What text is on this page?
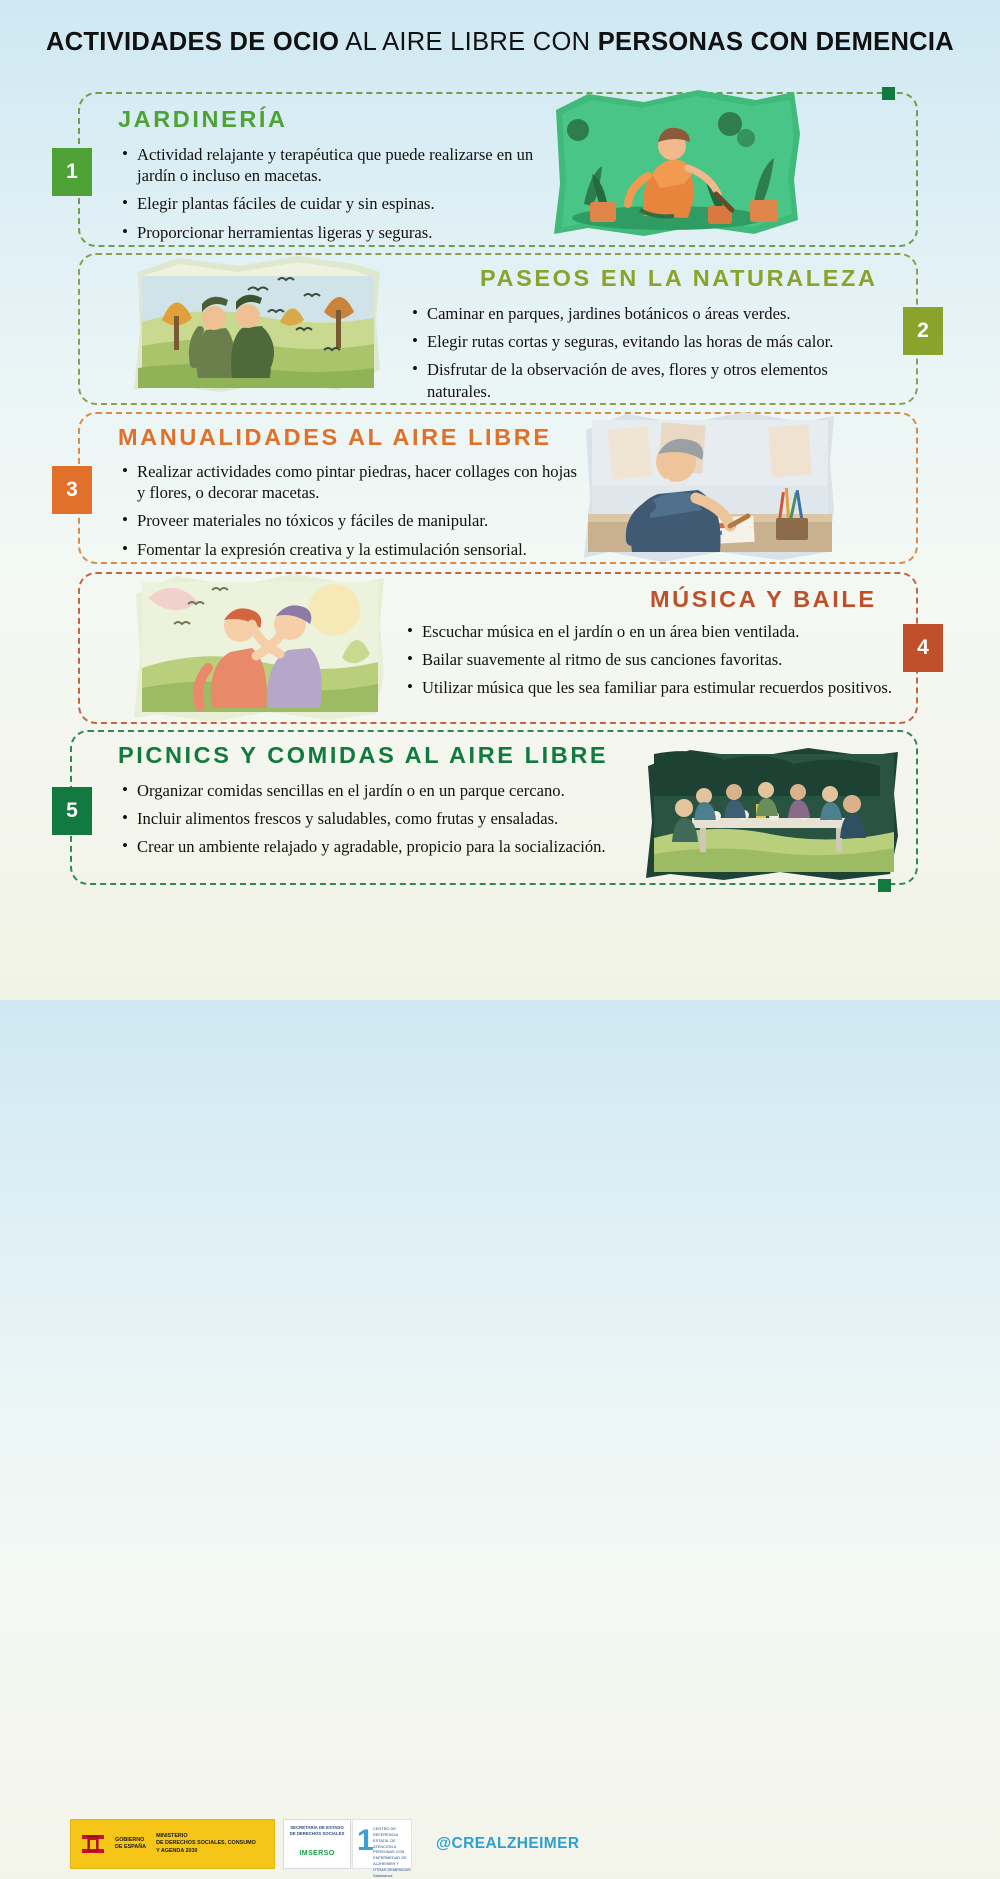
ACTIVIDADES DE OCIO AL AIRE LIBRE CON PERSONAS CON DEMENCIA
1
JARDINERÍA
• Actividad relajante y terapéutica que puede realizarse en un jardín o incluso en macetas.
• Elegir plantas fáciles de cuidar y sin espinas.
• Proporcionar herramientas ligeras y seguras.
2
PASEOS EN LA NATURALEZA
• Caminar en parques, jardines botánicos o áreas verdes.
• Elegir rutas cortas y seguras, evitando las horas de más calor.
• Disfrutar de la observación de aves, flores y otros elementos naturales.
3
MANUALIDADES AL AIRE LIBRE
• Realizar actividades como pintar piedras, hacer collages con hojas y flores, o decorar macetas.
• Proveer materiales no tóxicos y fáciles de manipular.
• Fomentar la expresión creativa y la estimulación sensorial.
4
MÚSICA Y BAILE
• Escuchar música en el jardín o en un área bien ventilada.
• Bailar suavemente al ritmo de sus canciones favoritas.
• Utilizar música que les sea familiar para estimular recuerdos positivos.
5
PICNICS Y COMIDAS AL AIRE LIBRE
• Organizar comidas sencillas en el jardín o en un parque cercano.
• Incluir alimentos frescos y saludables, como frutas y ensaladas.
• Crear un ambiente relajado y agradable, propicio para la socialización.
GOBIERNO
DE ESPAÑA
MINISTERIO
DE DERECHOS SOCIALES, CONSUMO
Y AGENDA 2030
SECRETARÍA DE ESTADO
DE DERECHOS SOCIALES
IMSERSO 1 CENTRO DE REFERENCIA ESTATAL DE ATENCIÓN A PERSONAS CON ENFERMEDAD DE ALZHEIMER Y OTRAS DEMENCIAS Salamanca
@CREALZHEIMER
